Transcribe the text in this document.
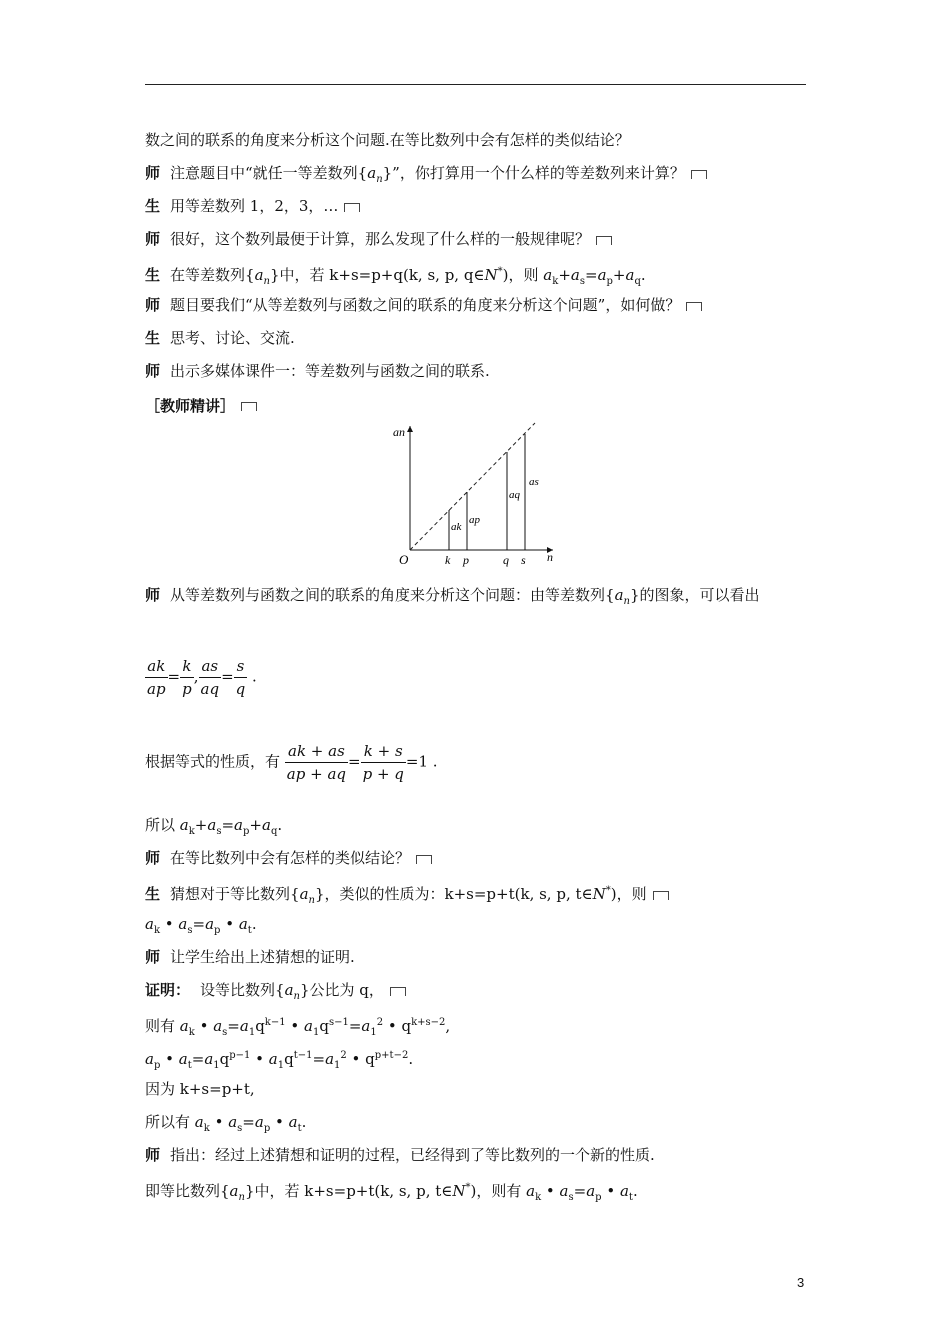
数之间的联系的角度来分析这个问题.在等比数列中会有怎样的类似结论？
师 注意题目中“就任一等差数列$\{a_n\}$”，你打算用一个什么样的等差数列来计算？
生 用等差数列 1，2，3，…
师 很好，这个数列最便于计算，那么发现了什么样的一般规律呢？
生 在等差数列$\{a_n\}$中，若 k+s=p+q(k, s, p, q∈N*)，则 $a_k+a_s=a_p+a_q$.
师 题目要我们“从等差数列与函数之间的联系的角度来分析这个问题”，如何做？
生 思考、讨论、交流.
师 出示多媒体课件一：等差数列与函数之间的联系.
［教师精讲］
an
n
O	k p	q s
ak
ap
aq
as
师 从等差数列与函数之间的联系的角度来分析这个问题：由等差数列$\{a_n\}$的图象，可以看出
$\frac{ak}{ap} = \frac{k}{p}$ , $\frac{as}{aq} = \frac{s}{q}$ .
根据等式的性质，有 $\frac{ak + as}{ap + aq} = \frac{k + s}{p + q} =1$ .
所以 $a_k+a_s=a_p+a_q$.
师 在等比数列中会有怎样的类似结论？
生 猜想对于等比数列$\{a_n\}$，类似的性质为：k+s=p+t(k, s, p, t∈N*)，则
$a_k$ • $a_s=a_p$ • $a_t$.
师 让学生给出上述猜想的证明.
证明： 设等比数列$\{a_n\}$公比为 q，
则有 $a_k$ • $a_s=a_1q^{k-1}$ • $a_1q^{s-1}=a_1^2$ • $q^{k+s-2}$,
$a_p$ • $a_t=a_1q^{p-1}$ • $a_1q^{t-1}=a_1^2$ • $q^{p+t-2}$.
因为 k+s=p+t,
所以有 $a_k$ • $a_s=a_p$ • $a_t$.
师 指出：经过上述猜想和证明的过程，已经得到了等比数列的一个新的性质.
即等比数列$\{a_n\}$中，若 k+s=p+t(k, s, p, t∈N*)，则有 $a_k$ • $a_s=a_p$ • $a_t$.
3
